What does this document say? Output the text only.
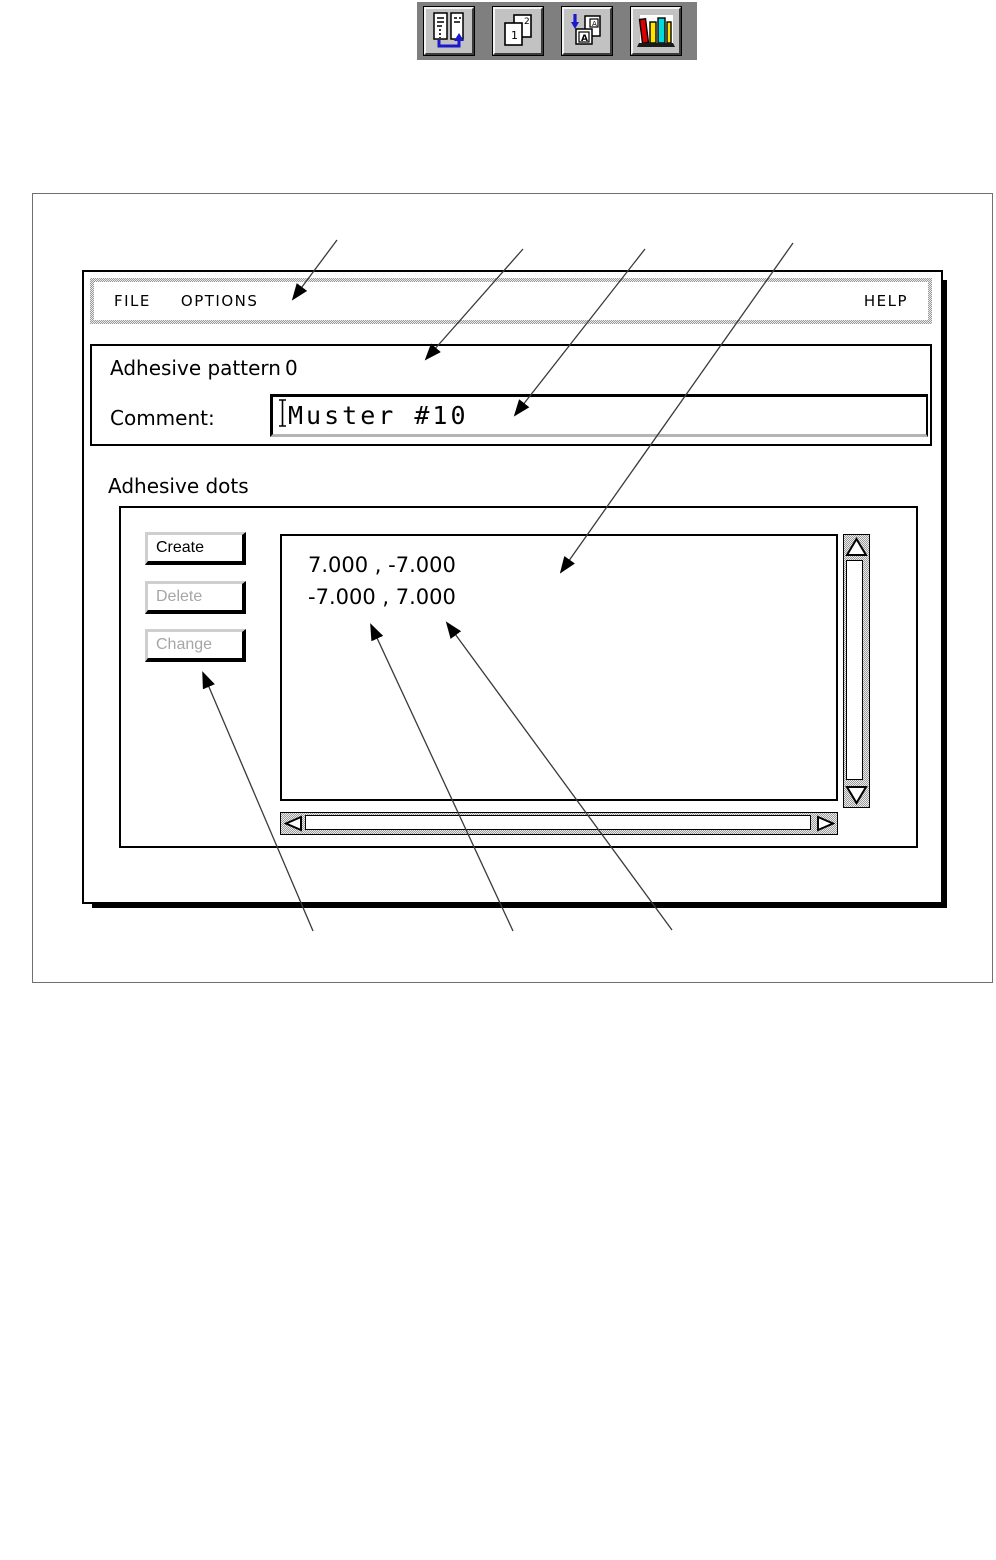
2
1
A
A
FILE OPTIONS	HELP
Adhesive pattern 0
Comment:	Muster #10
Adhesive dots
Create
Delete
Change
7.000 , -7.000
-7.000 , 7.000
